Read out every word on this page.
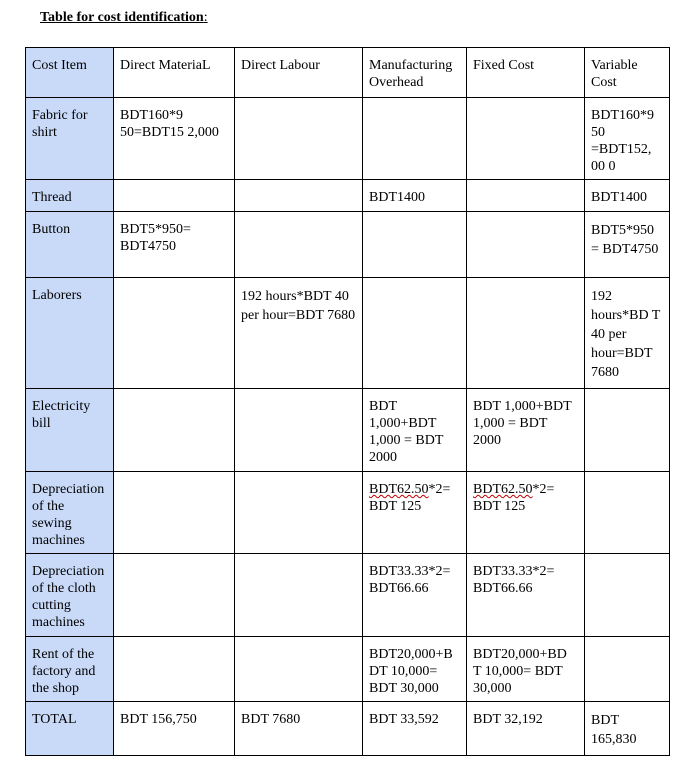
Table for cost identification:
Cost Item	Direct MateriaL	Direct Labour	Manufacturing Overhead	Fixed Cost	Variable Cost
Fabric for shirt	BDT160*9 50=BDT15 2,000				BDT160*9 50 =BDT152, 00 0
Thread			BDT1400		BDT1400
Button	BDT5*950= BDT4750				BDT5*950 = BDT4750
Laborers		192 hours*BDT 40 per hour=BDT 7680			192 hours*BD T 40 per hour=BDT 7680
Electricity bill			BDT 1,000+BDT 1,000 = BDT 2000	BDT 1,000+BDT 1,000 = BDT 2000	
Depreciation of the sewing machines			BDT62.50*2= BDT 125	BDT62.50*2= BDT 125	
Depreciation of the cloth cutting machines			BDT33.33*2= BDT66.66	BDT33.33*2= BDT66.66	
Rent of the factory and the shop			BDT20,000+B DT 10,000= BDT 30,000	BDT20,000+BD T 10,000= BDT 30,000	
TOTAL	BDT 156,750	BDT 7680	BDT 33,592	BDT 32,192	BDT 165,830
